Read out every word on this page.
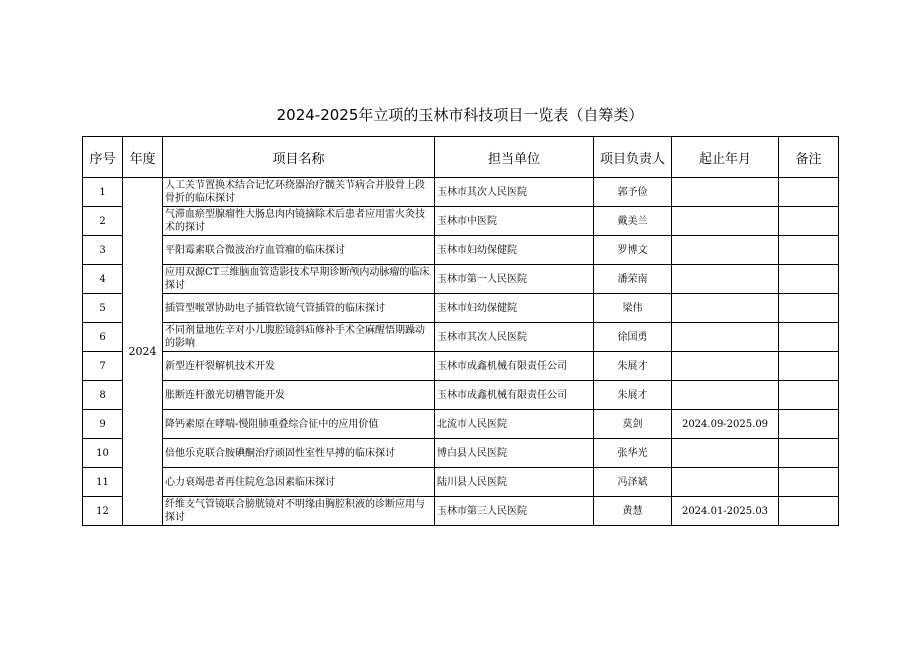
2024-2025年立项的玉林市科技项目一览表（自筹类）
序号	年度	项目名称	担当单位	项目负责人	起止年月	备注
1	2024	人工关节置换术结合记忆环绕器治疗髋关节病合并股骨上段骨折的临床探讨	玉林市其次人民医院	郭予俭		
2		气滞血瘀型腺瘤性大肠息肉内镜摘除术后患者应用雷火灸技术的探讨	玉林市中医院	戴美兰		
3		平阳霉素联合微波治疗血管瘤的临床探讨	玉林市妇幼保健院	罗博文		
4		应用双源CT三维脑血管造影技术早期诊断颅内动脉瘤的临床探讨	玉林市第一人民医院	潘荣南		
5		插管型喉罩协助电子插管软镜气管插管的临床探讨	玉林市妇幼保健院	梁伟		
6		不同剂量地佐辛对小儿腹腔镜斜疝修补手术全麻醒悟期躁动的影响	玉林市其次人民医院	徐国勇		
7		新型连杆裂解机技术开发	玉林市成鑫机械有限责任公司	朱展才		
8		胀断连杆激光切槽智能开发	玉林市成鑫机械有限责任公司	朱展才		
9		降钙素原在哮喘-慢阻肺重叠综合征中的应用价值	北流市人民医院	莫剑	2024.09-2025.09	
10		倍他乐克联合胺碘酮治疗顽固性室性早搏的临床探讨	博白县人民医院	张华光		
11		心力衰竭患者再住院危急因素临床探讨	陆川县人民医院	冯泽斌		
12		纤维支气管镜联合膀胱镜对不明缘由胸腔积液的诊断应用与探讨	玉林市第三人民医院	黄慧	2024.01-2025.03	
